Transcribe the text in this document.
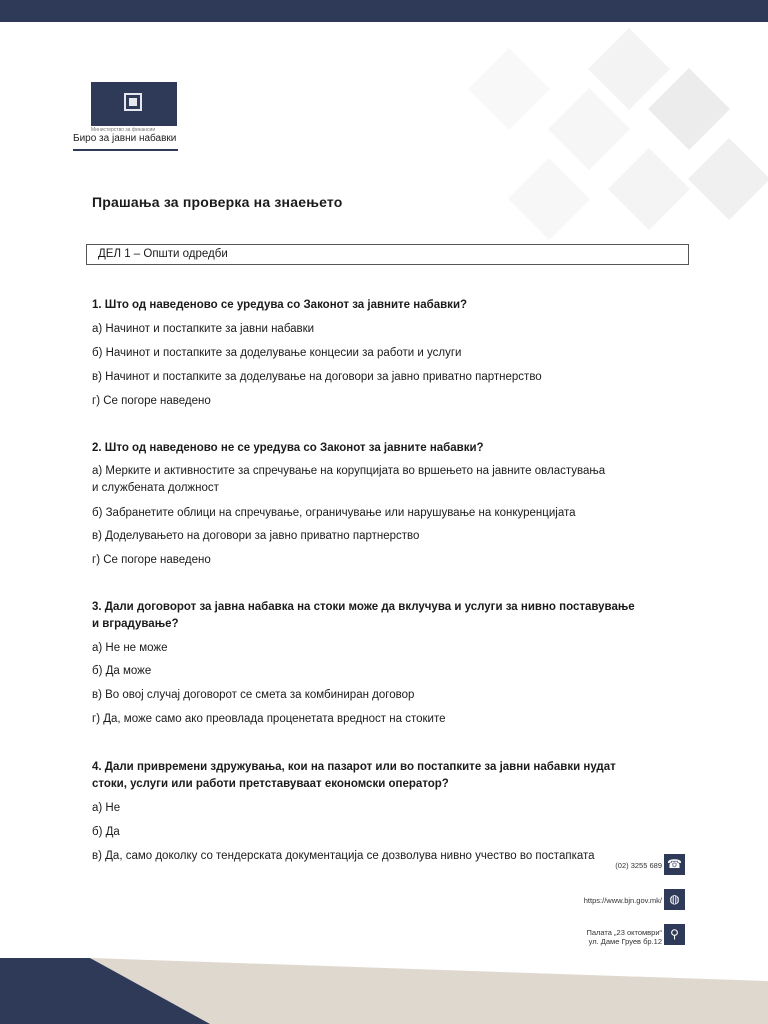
Министерство за финансии
Биро за јавни набавки
Прашања за проверка на знаењето
ДЕЛ 1 – Општи одредби
1. Што од наведеново се уредува со Законот за јавните набавки?
а) Начинот и постапките за јавни набавки
б) Начинот и постапките за доделување концесии за работи и услуги
в) Начинот и постапките за доделување на договори за јавно приватно партнерство
г) Се погоре наведено
2. Што од наведеново не се уредува со Законот за јавните набавки?
а) Мерките и активностите за спречување на корупцијата во вршењето на јавните овластувања
и службената должност
б) Забранетите облици на спречување, ограничување или нарушување на конкуренцијата
в) Доделувањето на договори за јавно приватно партнерство
г) Се погоре наведено
3. Дали договорот за јавна набавка на стоки може да вклучува и услуги за нивно поставување
и вградување?
а) Не не може
б) Да може
в) Во овој случај договорот се смета за комбиниран договор
г) Да, може само ако преовлада проценетата вредност на стоките
4. Дали привремени здружувања, кои на пазарот или во постапките за јавни набавки нудат
стоки, услуги или работи претставуваат економски оператор?
а) Не
б) Да
в) Да, само доколку со тендерската документација се дозволува нивно учество во постапката
(02) 3255 689 ☎
https://www.bjn.gov.mk/ ◍
Палата „23 октомври“
ул. Даме Груев бр.12
⚲
